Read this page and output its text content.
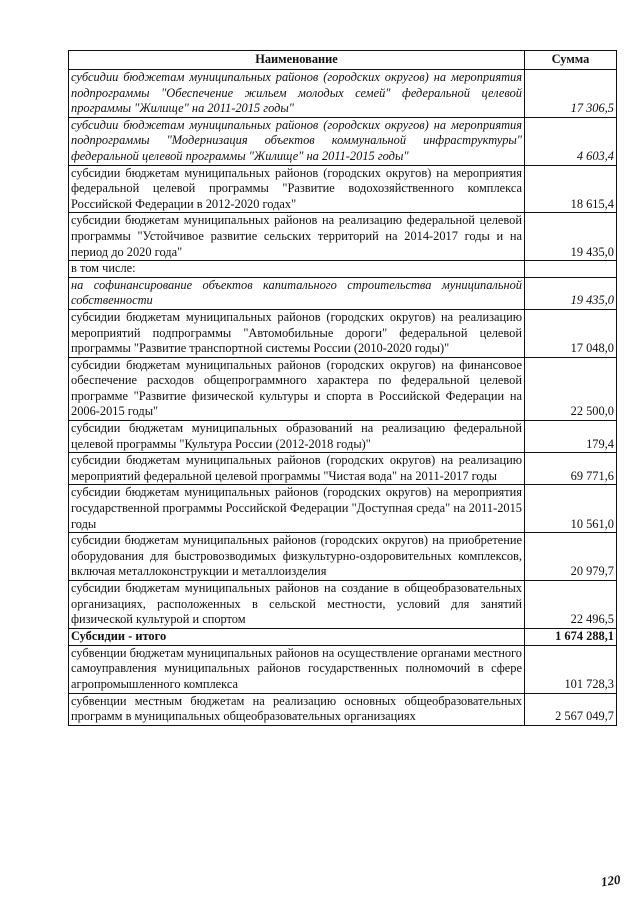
Наименование	Сумма
субсидии бюджетам муниципальных районов (городских округов) на мероприятия подпрограммы "Обеспечение жильем молодых семей" федеральной целевой программы "Жилище" на 2011-2015 годы"	17 306,5
субсидии бюджетам муниципальных районов (городских округов) на мероприятия подпрограммы "Модернизация объектов коммунальной инфраструктуры" федеральной целевой программы "Жилище" на 2011-2015 годы"	4 603,4
субсидии бюджетам муниципальных районов (городских округов) на мероприятия федеральной целевой программы "Развитие водохозяйственного комплекса Российской Федерации в 2012-2020 годах"	18 615,4
субсидии бюджетам муниципальных районов на реализацию федеральной целевой программы "Устойчивое развитие сельских территорий на 2014-2017 годы и на период до 2020 года"	19 435,0
в том числе:	
на софинансирование объектов капитального строительства муниципальной собственности	19 435,0
субсидии бюджетам муниципальных районов (городских округов) на реализацию мероприятий подпрограммы "Автомобильные дороги" федеральной целевой программы "Развитие транспортной системы России (2010-2020 годы)"	17 048,0
субсидии бюджетам муниципальных районов (городских округов) на финансовое обеспечение расходов общепрограммного характера по федеральной целевой программе "Развитие физической культуры и спорта в Российской Федерации на 2006-2015 годы"	22 500,0
субсидии бюджетам муниципальных образований на реализацию федеральной целевой программы "Культура России (2012-2018 годы)"	179,4
субсидии бюджетам муниципальных районов (городских округов) на реализацию мероприятий федеральной целевой программы "Чистая вода" на 2011-2017 годы	69 771,6
субсидии бюджетам муниципальных районов (городских округов) на мероприятия государственной программы Российской Федерации "Доступная среда" на 2011-2015 годы	10 561,0
субсидии бюджетам муниципальных районов (городских округов) на приобретение оборудования для быстровозводимых физкультурно-оздоровительных комплексов, включая металлоконструкции и металлоизделия	20 979,7
субсидии бюджетам муниципальных районов на создание в общеобразовательных организациях, расположенных в сельской местности, условий для занятий физической культурой и спортом	22 496,5
Субсидии - итого	1 674 288,1
субвенции бюджетам муниципальных районов на осуществление органами местного самоуправления муниципальных районов государственных полномочий в сфере агропромышленного комплекса	101 728,3
субвенции местным бюджетам на реализацию основных общеобразовательных программ в муниципальных общеобразовательных организациях	2 567 049,7
120
